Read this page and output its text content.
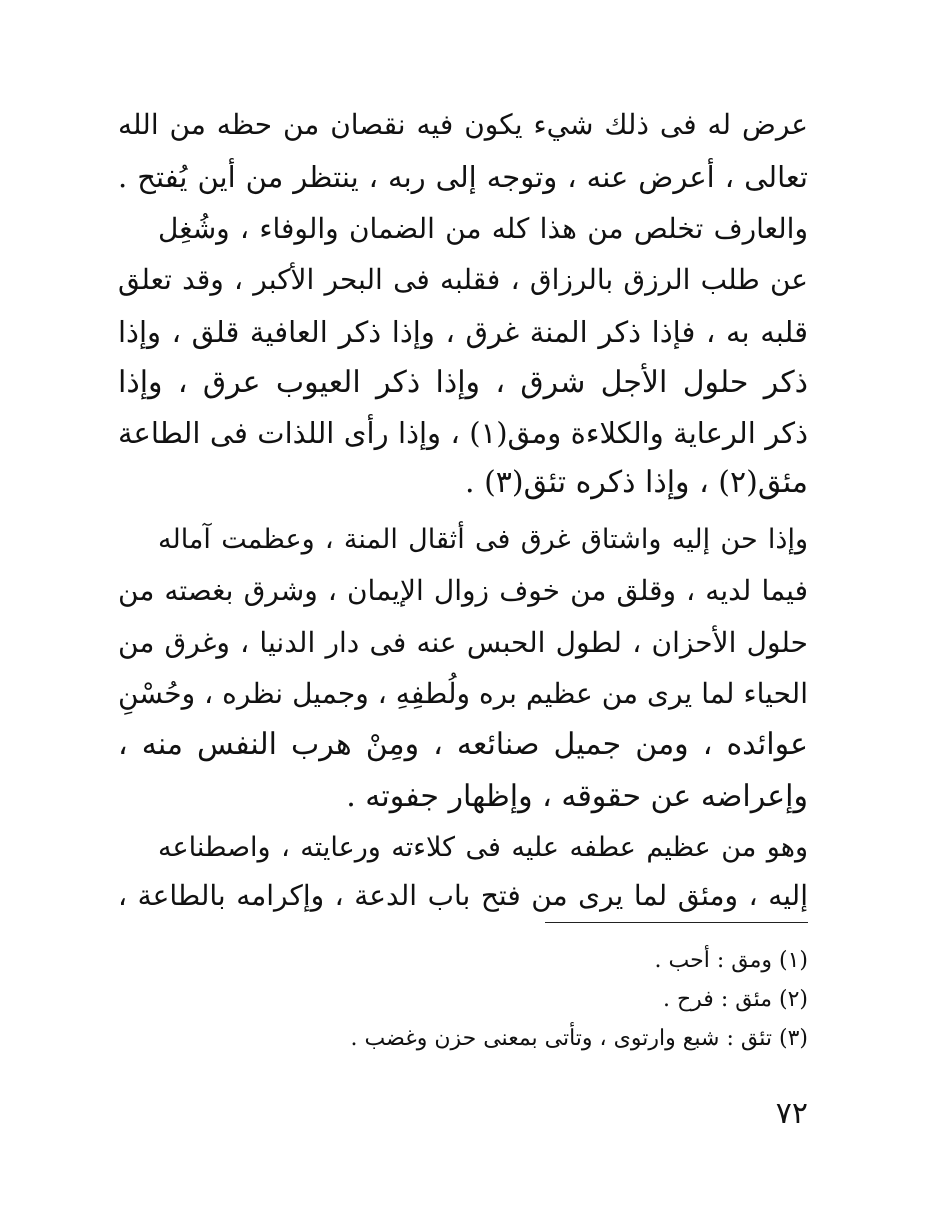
عرض له فى ذلك شيء يكون فيه نقصان من حظه من الله
تعالى ، أعرض عنه ، وتوجه إلى ربه ، ينتظر من أين يُفتح .
والعارف تخلص من هذا كله من الضمان والوفاء ، وشُغِل
عن طلب الرزق بالرزاق ، فقلبه فى البحر الأكبر ، وقد تعلق
قلبه به ، فإذا ذكر المنة غرق ، وإذا ذكر العافية قلق ، وإذا
ذكر حلول الأجل شرق ، وإذا ذكر العيوب عرق ، وإذا
ذكر الرعاية والكلاءة ومق(١) ، وإذا رأى اللذات فى الطاعة
مئق(٢) ، وإذا ذكره تئق(٣) .
وإذا حن إليه واشتاق غرق فى أثقال المنة ، وعظمت آماله
فيما لديه ، وقلق من خوف زوال الإيمان ، وشرق بغصته من
حلول الأحزان ، لطول الحبس عنه فى دار الدنيا ، وغرق من
الحياء لما يرى من عظيم بره ولُطفِهِ ، وجميل نظره ، وحُسْنِ
عوائده ، ومن جميل صنائعه ، ومِنْ هرب النفس منه ،
وإعراضه عن حقوقه ، وإظهار جفوته .
وهو من عظيم عطفه عليه فى كلاءته ورعايته ، واصطناعه
إليه ، ومئق لما يرى من فتح باب الدعة ، وإكرامه بالطاعة ،
(١) ومق : أحب .
(٢) مئق : فرح .
(٣) تئق : شبع وارتوى ، وتأتى بمعنى حزن وغضب .
٧٢
